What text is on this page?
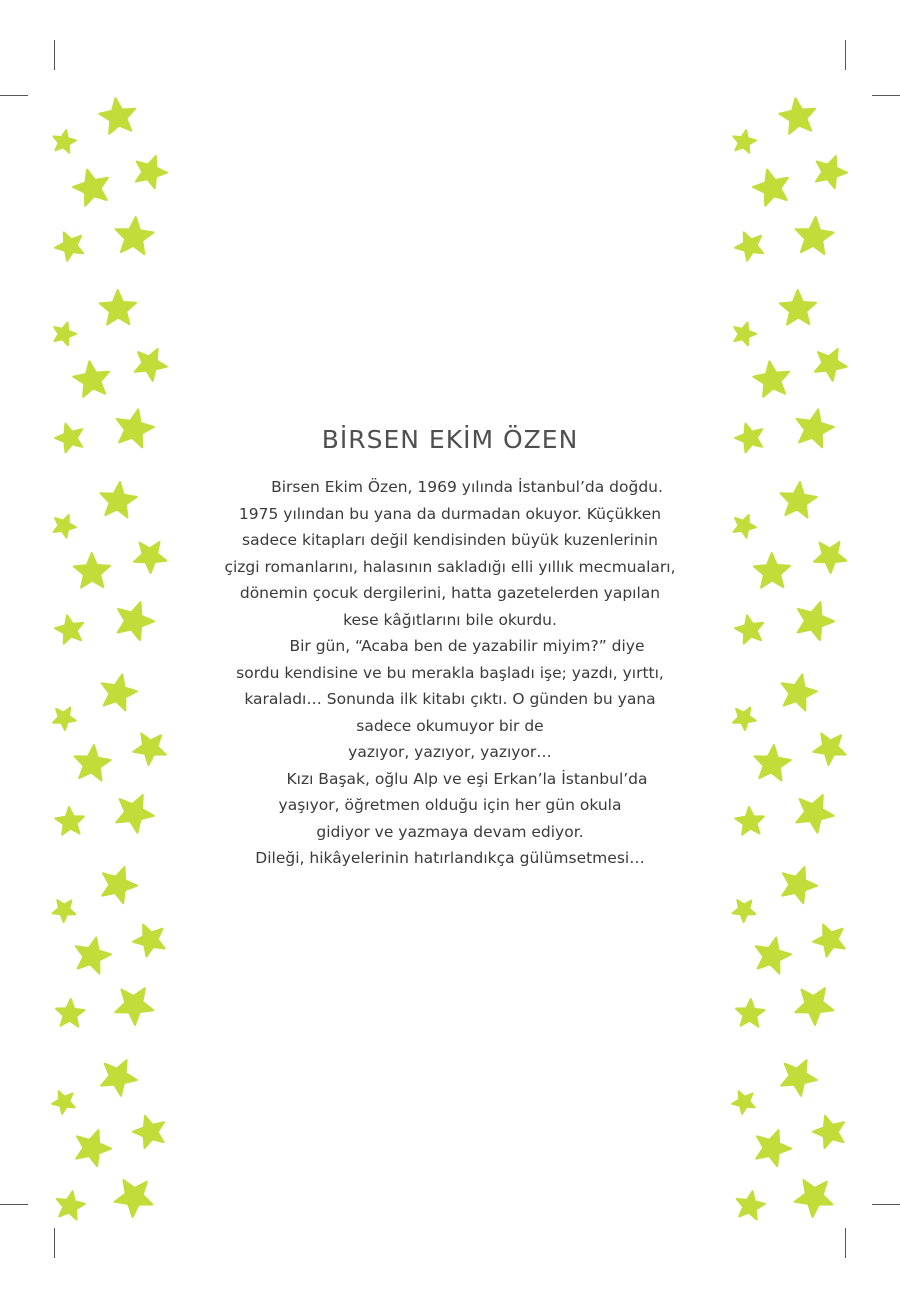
BİRSEN EKİM ÖZEN
Birsen Ekim Özen, 1969 yılında İstanbul’da doğdu.
1975 yılından bu yana da durmadan okuyor. Küçükken
sadece kitapları değil kendisinden büyük kuzenlerinin
çizgi romanlarını, halasının sakladığı elli yıllık mecmuaları,
dönemin çocuk dergilerini, hatta gazetelerden yapılan
kese kâğıtlarını bile okurdu.
Bir gün, “Acaba ben de yazabilir miyim?” diye
sordu kendisine ve bu merakla başladı işe; yazdı, yırttı,
karaladı… Sonunda ilk kitabı çıktı. O günden bu yana
sadece okumuyor bir de
yazıyor, yazıyor, yazıyor…
Kızı Başak, oğlu Alp ve eşi Erkan’la İstanbul’da
yaşıyor, öğretmen olduğu için her gün okula
gidiyor ve yazmaya devam ediyor.
Dileği, hikâyelerinin hatırlandıkça gülümsetmesi…
